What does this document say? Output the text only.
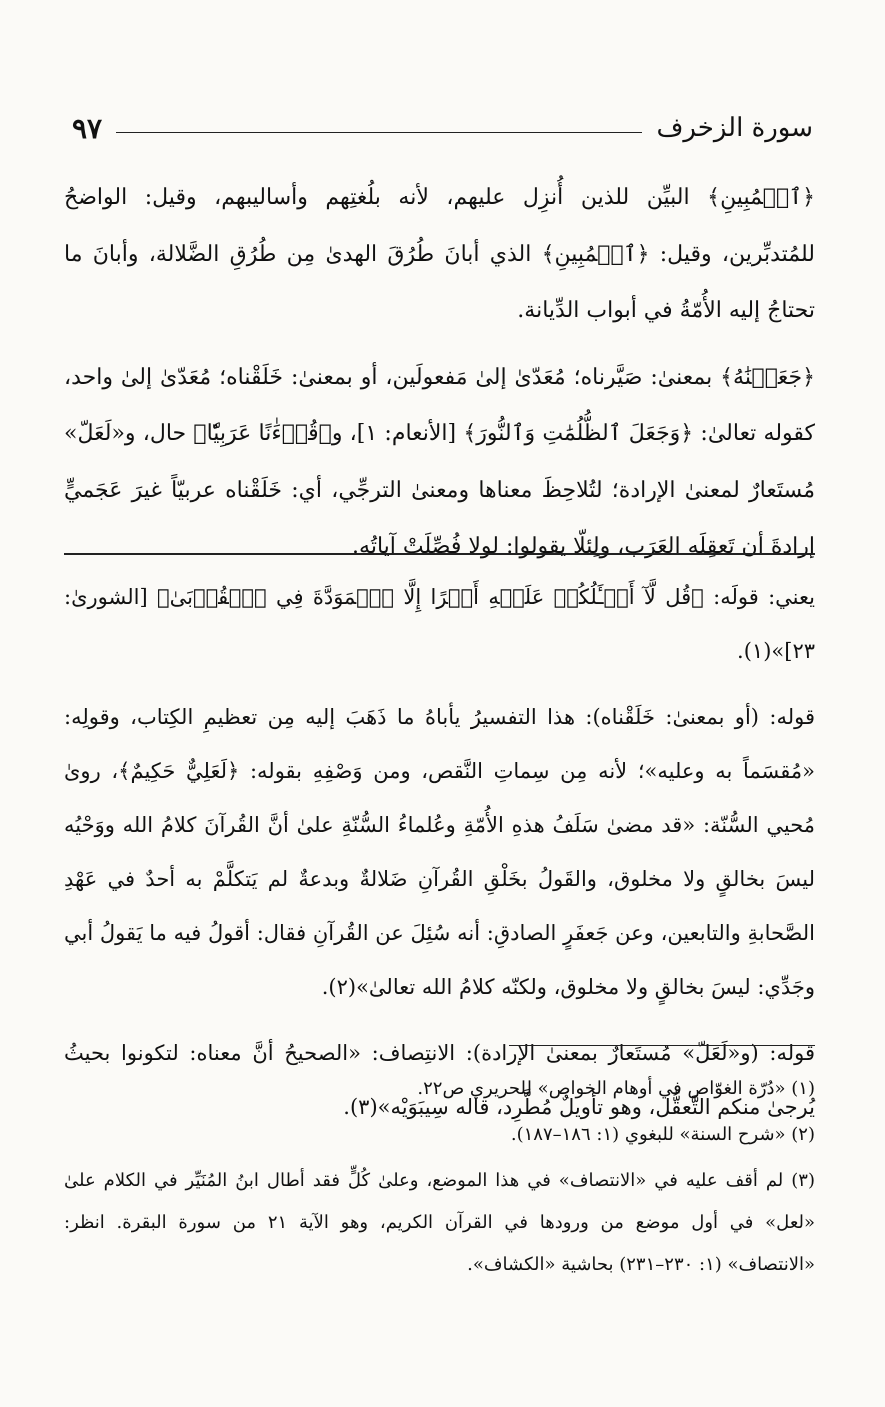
سورة الزخرف
٩٧

﴿ٱلۡمُبِينِ﴾ البيِّن للذين أُنزِل عليهم، لأنه بلُغتِهم وأساليبهم، وقيل: الواضحُ للمُتدبِّرين، وقيل: ﴿ٱلۡمُبِينِ﴾ الذي أبانَ طُرُقَ الهدىٰ مِن طُرُقِ الضَّلالة، وأبانَ ما تحتاجُ إليه الأُمّةُ في أبواب الدِّيانة.

﴿جَعَلۡنَٰهُ﴾ بمعنىٰ: صَيَّرناه؛ مُعَدّىٰ إلىٰ مَفعولَين، أو بمعنىٰ: خَلَقْناه؛ مُعَدّىٰ إلىٰ واحد، كقوله تعالىٰ: ﴿وَجَعَلَ ٱلظُّلُمَٰتِ وَٱلنُّورَ﴾ [الأنعام: ١]، و﴿قُرۡءَٰنًا عَرَبِيّٗا﴾ حال، و«لَعَلّ» مُستَعارٌ لمعنىٰ الإرادة؛ لتُلاحِظَ معناها ومعنىٰ الترجِّي، أي: خَلَقْناه عربيّاً غيرَ عَجَميٍّ إرادةَ أن تَعقِلَه العَرَب، ولِئلّا يقولوا: لولا فُصِّلَتْ آياتُه.

يعني: قولَه: ﴿قُل لَّآ أَسۡـَٔلُكُمۡ عَلَيۡهِ أَجۡرًا إِلَّا ٱلۡمَوَدَّةَ فِي ٱلۡقُرۡبَىٰ﴾ [الشورىٰ: ٢٣]»(١).

قوله: (أو بمعنىٰ: خَلَقْناه): هذا التفسيرُ يأباهُ ما ذَهَبَ إليه مِن تعظيمِ الكِتاب، وقولِه: «مُقسَماً به وعليه»؛ لأنه مِن سِماتِ النَّقص، ومن وَصْفِهِ بقوله: ﴿لَعَلِيٌّ حَكِيمٌ﴾، روىٰ مُحيي السُّنّة: «قد مضىٰ سَلَفُ هذهِ الأُمّةِ وعُلماءُ السُّنّةِ علىٰ أنَّ القُرآنَ كلامُ الله ووَحْيُه ليسَ بخالقٍ ولا مخلوق، والقَولُ بخَلْقِ القُرآنِ ضَلالةٌ وبدعةٌ لم يَتكلَّمْ به أحدٌ في عَهْدِ الصَّحابةِ والتابعين، وعن جَعفَرٍ الصادقِ: أنه سُئِلَ عن القُرآنِ فقال: أقولُ فيه ما يَقولُ أبي وجَدِّي: ليسَ بخالقٍ ولا مخلوق، ولكنّه كلامُ الله تعالىٰ»(٢).

قوله: (و«لَعَلّ» مُستَعارٌ بمعنىٰ الإرادة): الانتِصاف: «الصحيحُ أنَّ معناه: لتكونوا بحيثُ يُرجىٰ منكم التَّعقُّل، وهو تأويلٌ مُطَّرِد، قاله سِيبَوَيْه»(٣).

(١) «دُرّة الغوّاص في أوهام الخواص» للحريري ص٢٢.

(٢) «شرح السنة» للبغوي (١: ١٨٦–١٨٧).

(٣) لم أقف عليه في «الانتصاف» في هذا الموضع، وعلىٰ كُلٍّ فقد أطال ابنُ المُنَيِّر في الكلام علىٰ «لعل» في أول موضع من ورودها في القرآن الكريم، وهو الآية ٢١ من سورة البقرة. انظر: «الانتصاف» (١: ٢٣٠–٢٣١) بحاشية «الكشاف».
